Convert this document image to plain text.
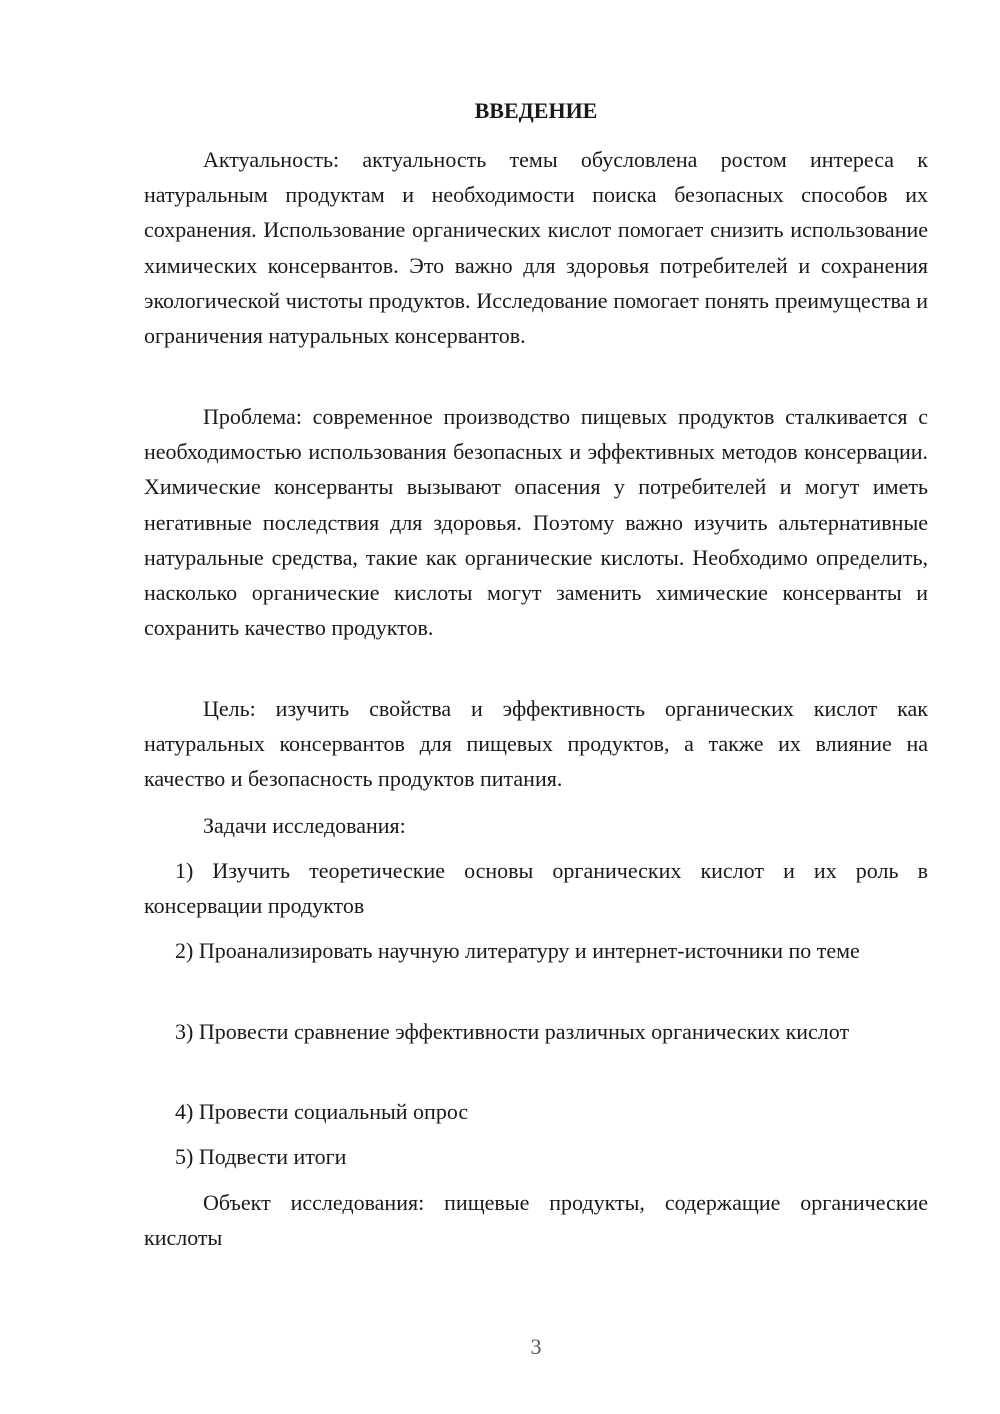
ВВЕДЕНИЕ

Актуальность: актуальность темы обусловлена ростом интереса к натуральным продуктам и необходимости поиска безопасных способов их сохранения. Использование органических кислот помогает снизить использование химических консервантов. Это важно для здоровья потребителей и сохранения экологической чистоты продуктов. Исследование помогает понять преимущества и ограничения натуральных консервантов.

Проблема: современное производство пищевых продуктов сталкивается с необходимостью использования безопасных и эффективных методов консервации. Химические консерванты вызывают опасения у потребителей и могут иметь негативные последствия для здоровья. Поэтому важно изучить альтернативные натуральные средства, такие как органические кислоты. Необходимо определить, насколько органические кислоты могут заменить химические консерванты и сохранить качество продуктов.

Цель: изучить свойства и эффективность органических кислот как натуральных консервантов для пищевых продуктов, а также их влияние на качество и безопасность продуктов питания.

Задачи исследования:

1) Изучить теоретические основы органических кислот и их роль в консервации продуктов

2) Проанализировать научную литературу и интернет-источники по теме

3) Провести сравнение эффективности различных органических кислот

4) Провести социальный опрос

5) Подвести итоги

Объект исследования: пищевые продукты, содержащие органические кислоты

3
